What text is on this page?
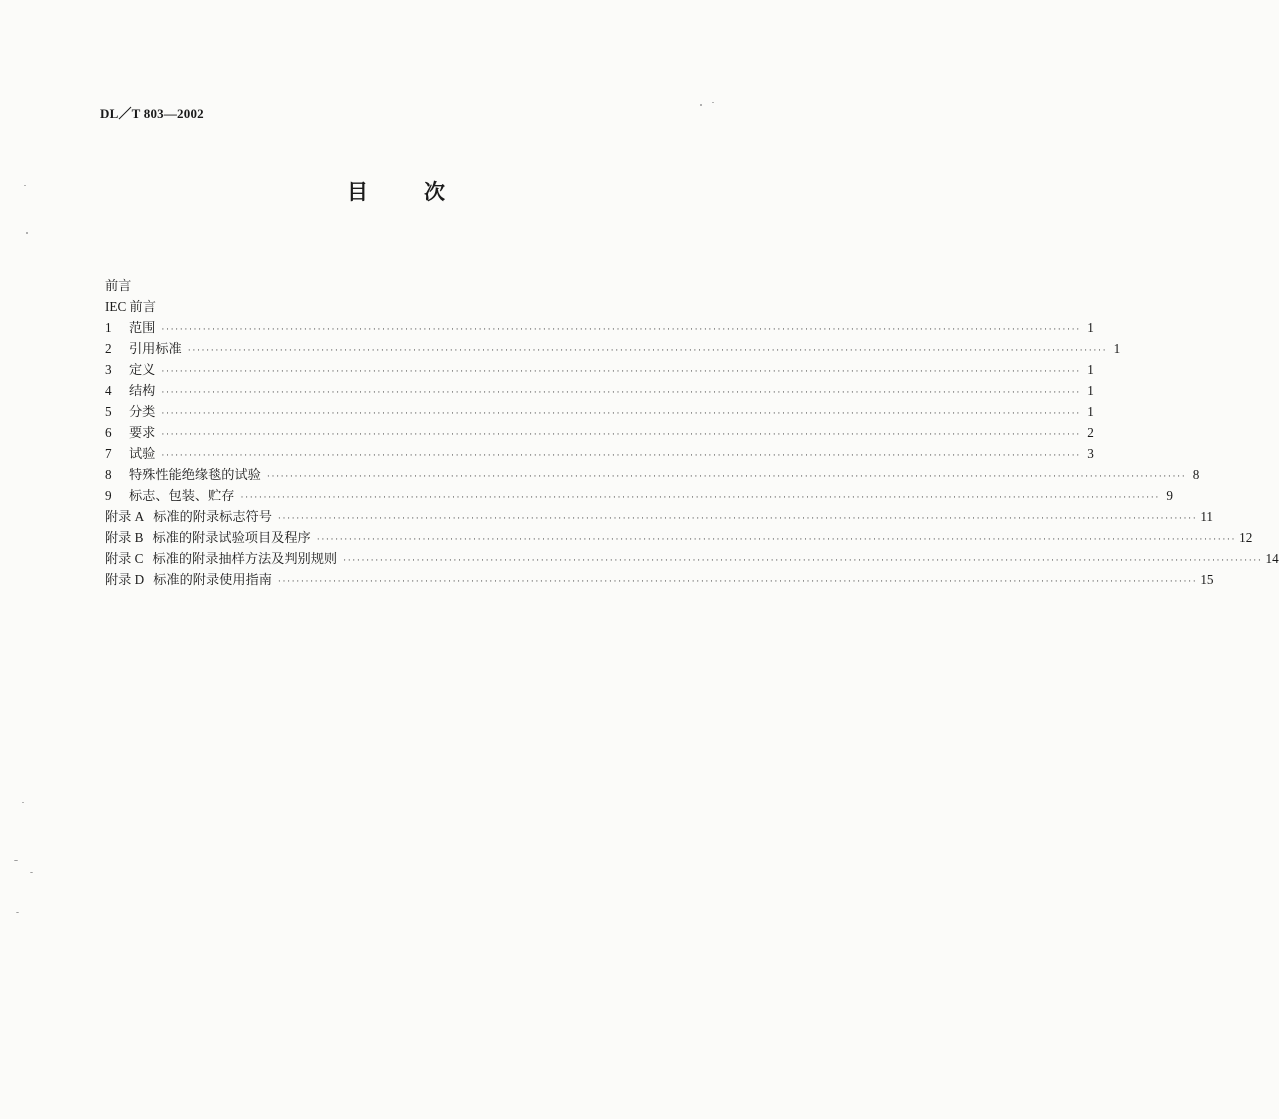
DL／T 803—2002
目次
前言
IEC 前言
1	范围 ········································································································································································································ 1
2	引用标准 ········································································································································································································ 1
3	定义 ········································································································································································································ 1
4	结构 ········································································································································································································ 1
5	分类 ········································································································································································································ 1
6	要求 ········································································································································································································ 2
7	试验 ········································································································································································································ 3
8	特殊性能绝缘毯的试验 ········································································································································································································ 8
9	标志、包装、贮存 ········································································································································································································ 9
附录 A 标准的附录标志符号 ········································································································································································································ 11
附录 B 标准的附录试验项目及程序 ········································································································································································································ 12
附录 C 标准的附录抽样方法及判别规则 ········································································································································································································ 14
附录 D 标准的附录使用指南 ········································································································································································································ 15
